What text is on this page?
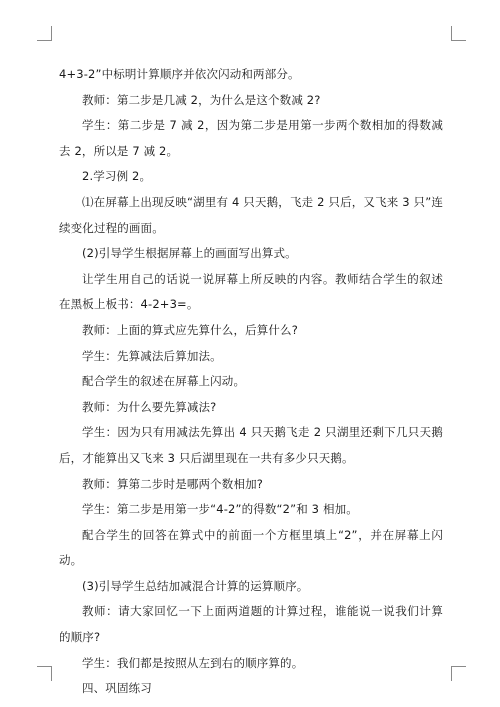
4+3-2”中标明计算顺序并依次闪动和两部分。

教师：第二步是几减 2，为什么是这个数减 2?

学生：第二步是 7 减 2，因为第二步是用第一步两个数相加的得数减去 2，所以是 7 减 2。

2.学习例 2。

⑴在屏幕上出现反映“湖里有 4 只天鹅，飞走 2 只后，又飞来 3 只”连续变化过程的画面。

(2)引导学生根据屏幕上的画面写出算式。

让学生用自己的话说一说屏幕上所反映的内容。教师结合学生的叙述在黑板上板书：4-2+3=。

教师：上面的算式应先算什么，后算什么?

学生：先算减法后算加法。

配合学生的叙述在屏幕上闪动。

教师：为什么要先算减法?

学生：因为只有用减法先算出 4 只天鹅飞走 2 只湖里还剩下几只天鹅后，才能算出又飞来 3 只后湖里现在一共有多少只天鹅。

教师：算第二步时是哪两个数相加?

学生：第二步是用第一步“4-2”的得数“2”和 3 相加。

配合学生的回答在算式中的前面一个方框里填上“2”，并在屏幕上闪动。

(3)引导学生总结加减混合计算的运算顺序。

教师：请大家回忆一下上面两道题的计算过程，谁能说一说我们计算的顺序?

学生：我们都是按照从左到右的顺序算的。

四、巩固练习
